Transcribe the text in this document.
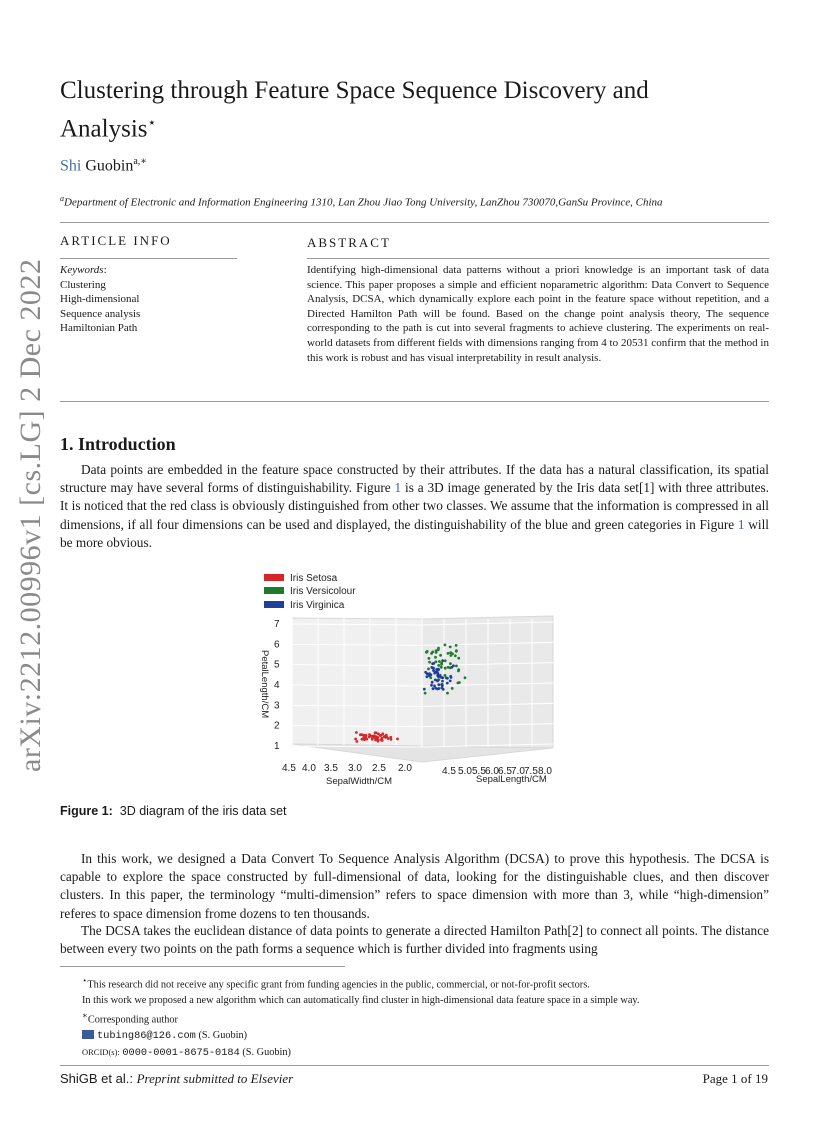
arXiv:2212.00996v1 [cs.LG] 2 Dec 2022
Clustering through Feature Space Sequence Discovery and
Analysis⋆
Shi Guobin$^{a,∗}$
$^a$Department of Electronic and Information Engineering 1310, Lan Zhou Jiao Tong University, LanZhou 730070,GanSu Province, China
ARTICLE INFO
Keywords:
Clustering
High-dimensional
Sequence analysis
Hamiltonian Path
ABSTRACT
Identifying high-dimensional data patterns without a priori knowledge is an important task of data science. This paper proposes a simple and efficient noparametric algorithm: Data Convert to Sequence Analysis, DCSA, which dynamically explore each point in the feature space without repetition, and a Directed Hamilton Path will be found. Based on the change point analysis theory, The sequence corresponding to the path is cut into several fragments to achieve clustering. The experiments on real-world datasets from different fields with dimensions ranging from 4 to 20531 confirm that the method in this work is robust and has visual interpretability in result analysis.
1. Introduction
Data points are embedded in the feature space constructed by their attributes. If the data has a natural classification, its spatial structure may have several forms of distinguishability. Figure 1 is a 3D image generated by the Iris data set[1] with three attributes. It is noticed that the red class is obviously distinguished from other two classes. We assume that the information is compressed in all dimensions, if all four dimensions can be used and displayed, the distinguishability of the blue and green categories in Figure 1 will be more obvious.
Iris Setosa
Iris Versicolour
Iris Virginica
1
2
3
4
5
6
7
4.5 4.0 3.5 3.0 2.5 2.0	4.5 5.0 5.5 6.0 6.5 7.0 7.5 8.0
SepalWidth/CM	SepalLength/CM
PetalLength/CM
Figure 1: 3D diagram of the iris data set
In this work, we designed a Data Convert To Sequence Analysis Algorithm (DCSA) to prove this hypothesis. The DCSA is capable to explore the space constructed by full-dimensional of data, looking for the distinguishable clues, and then discover clusters. In this paper, the terminology “multi-dimension” refers to space dimension with more than 3, while “high-dimension” referes to space dimension frome dozens to ten thousands.
The DCSA takes the euclidean distance of data points to generate a directed Hamilton Path[2] to connect all points. The distance between every two points on the path forms a sequence which is further divided into fragments using
⋆This research did not receive any specific grant from funding agencies in the public, commercial, or not-for-profit sectors.
In this work we proposed a new algorithm which can automatically find cluster in high-dimensional data feature space in a simple way.
∗Corresponding author
tubing86@126.com (S. Guobin)
ORCID(s): 0000-0001-8675-0184 (S. Guobin)
ShiGB et al.: Preprint submitted to Elsevier	Page 1 of 19
